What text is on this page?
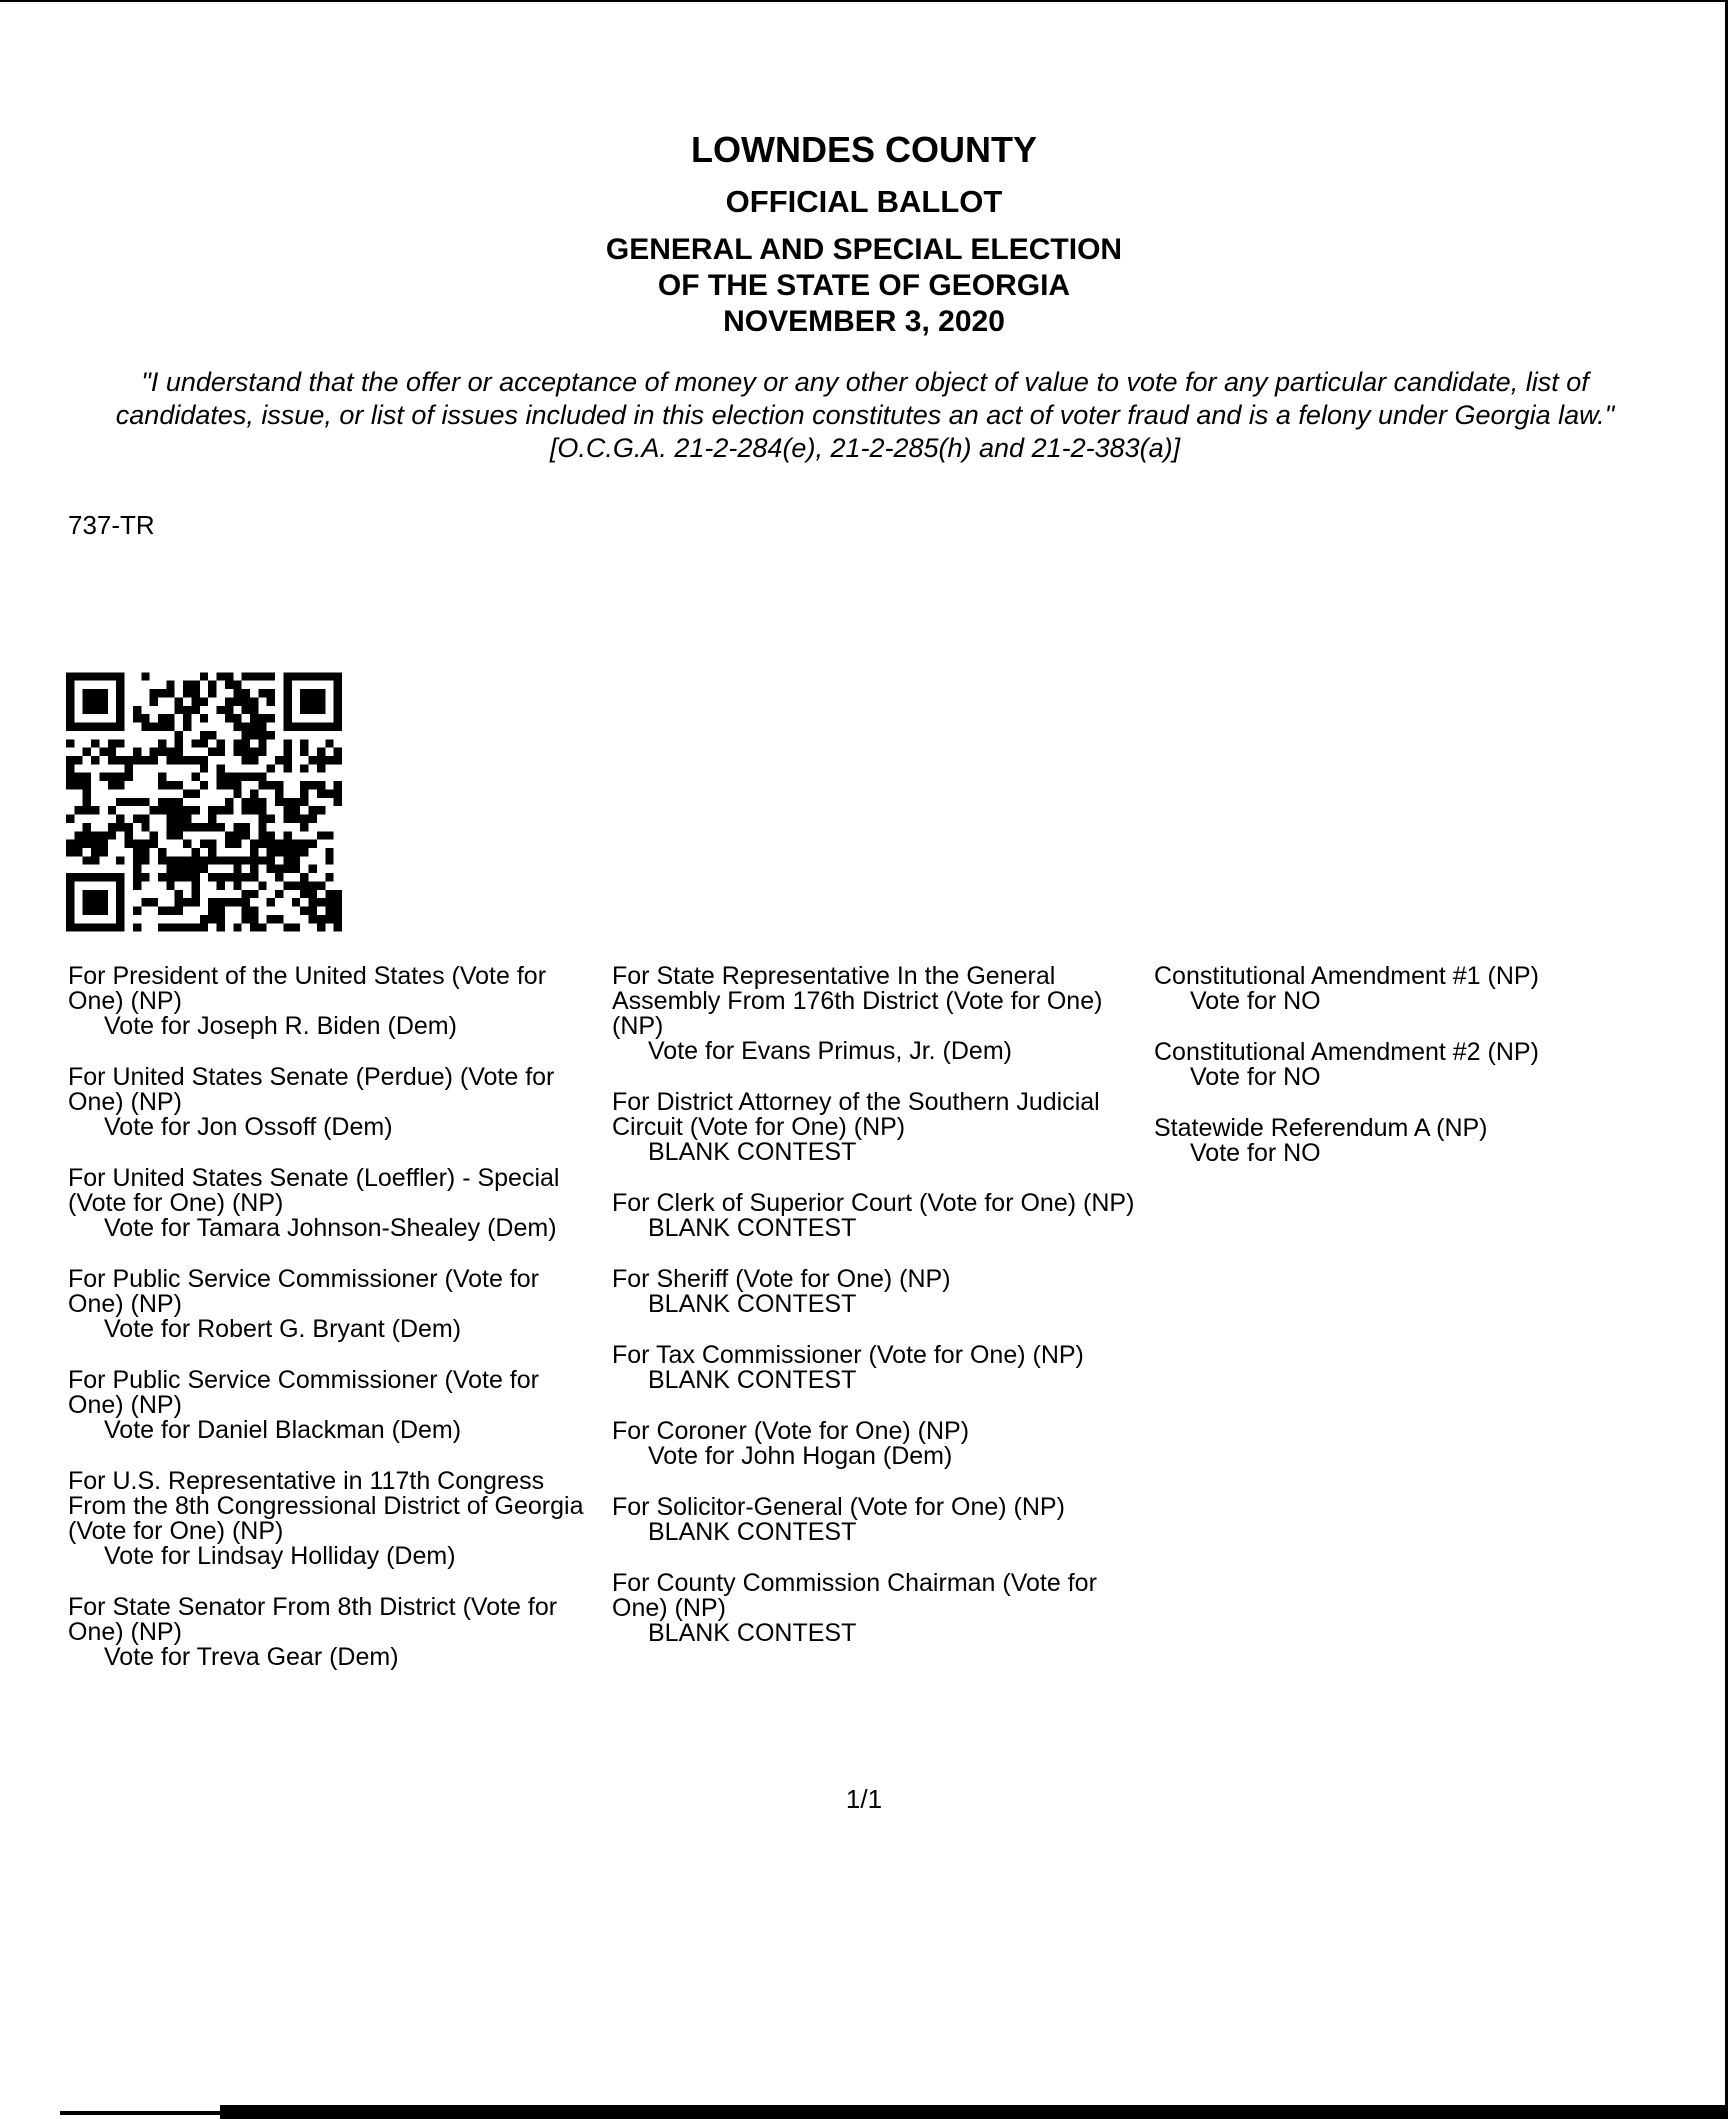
LOWNDES COUNTY
OFFICIAL BALLOT
GENERAL AND SPECIAL ELECTION
OF THE STATE OF GEORGIA
NOVEMBER 3, 2020
"I understand that the offer or acceptance of money or any other object of value to vote for any particular candidate, list of candidates, issue, or list of issues included in this election constitutes an act of voter fraud and is a felony under Georgia law." [O.C.G.A. 21-2-284(e), 21-2-285(h) and 21-2-383(a)]
737-TR
For President of the United States (Vote for One) (NP)
Vote for Joseph R. Biden (Dem)
For United States Senate (Perdue) (Vote for One) (NP)
Vote for Jon Ossoff (Dem)
For United States Senate (Loeffler) - Special (Vote for One) (NP)
Vote for Tamara Johnson-Shealey (Dem)
For Public Service Commissioner (Vote for One) (NP)
Vote for Robert G. Bryant (Dem)
For Public Service Commissioner (Vote for One) (NP)
Vote for Daniel Blackman (Dem)
For U.S. Representative in 117th Congress From the 8th Congressional District of Georgia (Vote for One) (NP)
Vote for Lindsay Holliday (Dem)
For State Senator From 8th District (Vote for One) (NP)
Vote for Treva Gear (Dem)
For State Representative In the General Assembly From 176th District (Vote for One) (NP)
Vote for Evans Primus, Jr. (Dem)
For District Attorney of the Southern Judicial Circuit (Vote for One) (NP)
BLANK CONTEST
For Clerk of Superior Court (Vote for One) (NP)
BLANK CONTEST
For Sheriff (Vote for One) (NP)
BLANK CONTEST
For Tax Commissioner (Vote for One) (NP)
BLANK CONTEST
For Coroner (Vote for One) (NP)
Vote for John Hogan (Dem)
For Solicitor-General (Vote for One) (NP)
BLANK CONTEST
For County Commission Chairman (Vote for One) (NP)
BLANK CONTEST
Constitutional Amendment #1 (NP)
Vote for NO
Constitutional Amendment #2 (NP)
Vote for NO
Statewide Referendum A (NP)
Vote for NO
1/1
